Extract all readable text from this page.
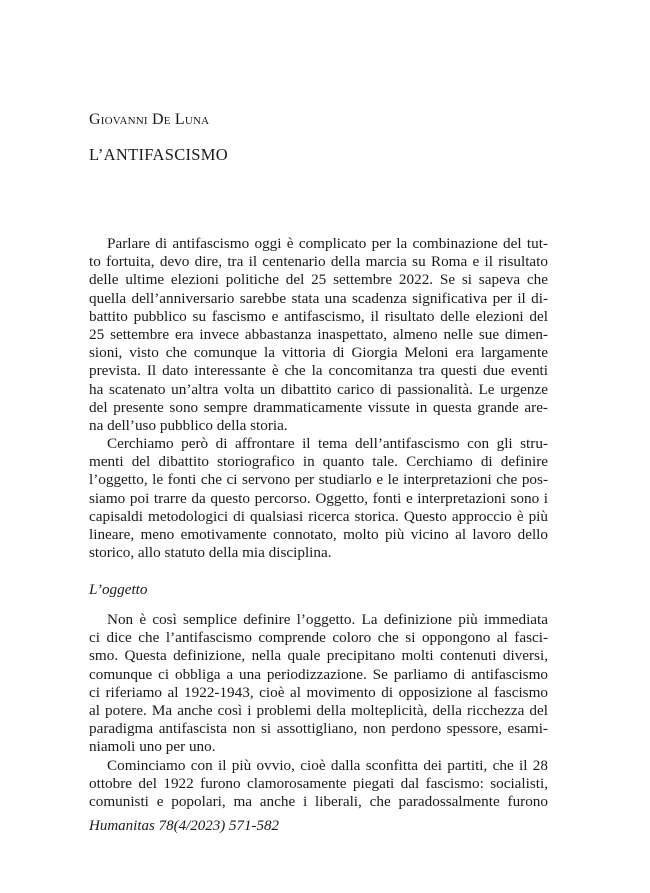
Giovanni De Luna
L’ANTIFASCISMO
Parlare di antifascismo oggi è complicato per la combinazione del tut-
to fortuita, devo dire, tra il centenario della marcia su Roma e il risultato
delle ultime elezioni politiche del 25 settembre 2022. Se si sapeva che
quella dell’anniversario sarebbe stata una scadenza significativa per il di-
battito pubblico su fascismo e antifascismo, il risultato delle elezioni del
25 settembre era invece abbastanza inaspettato, almeno nelle sue dimen-
sioni, visto che comunque la vittoria di Giorgia Meloni era largamente
prevista. Il dato interessante è che la concomitanza tra questi due eventi
ha scatenato un’altra volta un dibattito carico di passionalità. Le urgenze
del presente sono sempre drammaticamente vissute in questa grande are-
na dell’uso pubblico della storia.
Cerchiamo però di affrontare il tema dell’antifascismo con gli stru-
menti del dibattito storiografico in quanto tale. Cerchiamo di definire
l’oggetto, le fonti che ci servono per studiarlo e le interpretazioni che pos-
siamo poi trarre da questo percorso. Oggetto, fonti e interpretazioni sono i
capisaldi metodologici di qualsiasi ricerca storica. Questo approccio è più
lineare, meno emotivamente connotato, molto più vicino al lavoro dello
storico, allo statuto della mia disciplina.
L’oggetto
Non è così semplice definire l’oggetto. La definizione più immediata
ci dice che l’antifascismo comprende coloro che si oppongono al fasci-
smo. Questa definizione, nella quale precipitano molti contenuti diversi,
comunque ci obbliga a una periodizzazione. Se parliamo di antifascismo
ci riferiamo al 1922-1943, cioè al movimento di opposizione al fascismo
al potere. Ma anche così i problemi della molteplicità, della ricchezza del
paradigma antifascista non si assottigliano, non perdono spessore, esami-
niamoli uno per uno.
Cominciamo con il più ovvio, cioè dalla sconfitta dei partiti, che il 28
ottobre del 1922 furono clamorosamente piegati dal fascismo: socialisti,
comunisti e popolari, ma anche i liberali, che paradossalmente furono
Humanitas 78(4/2023) 571-582
